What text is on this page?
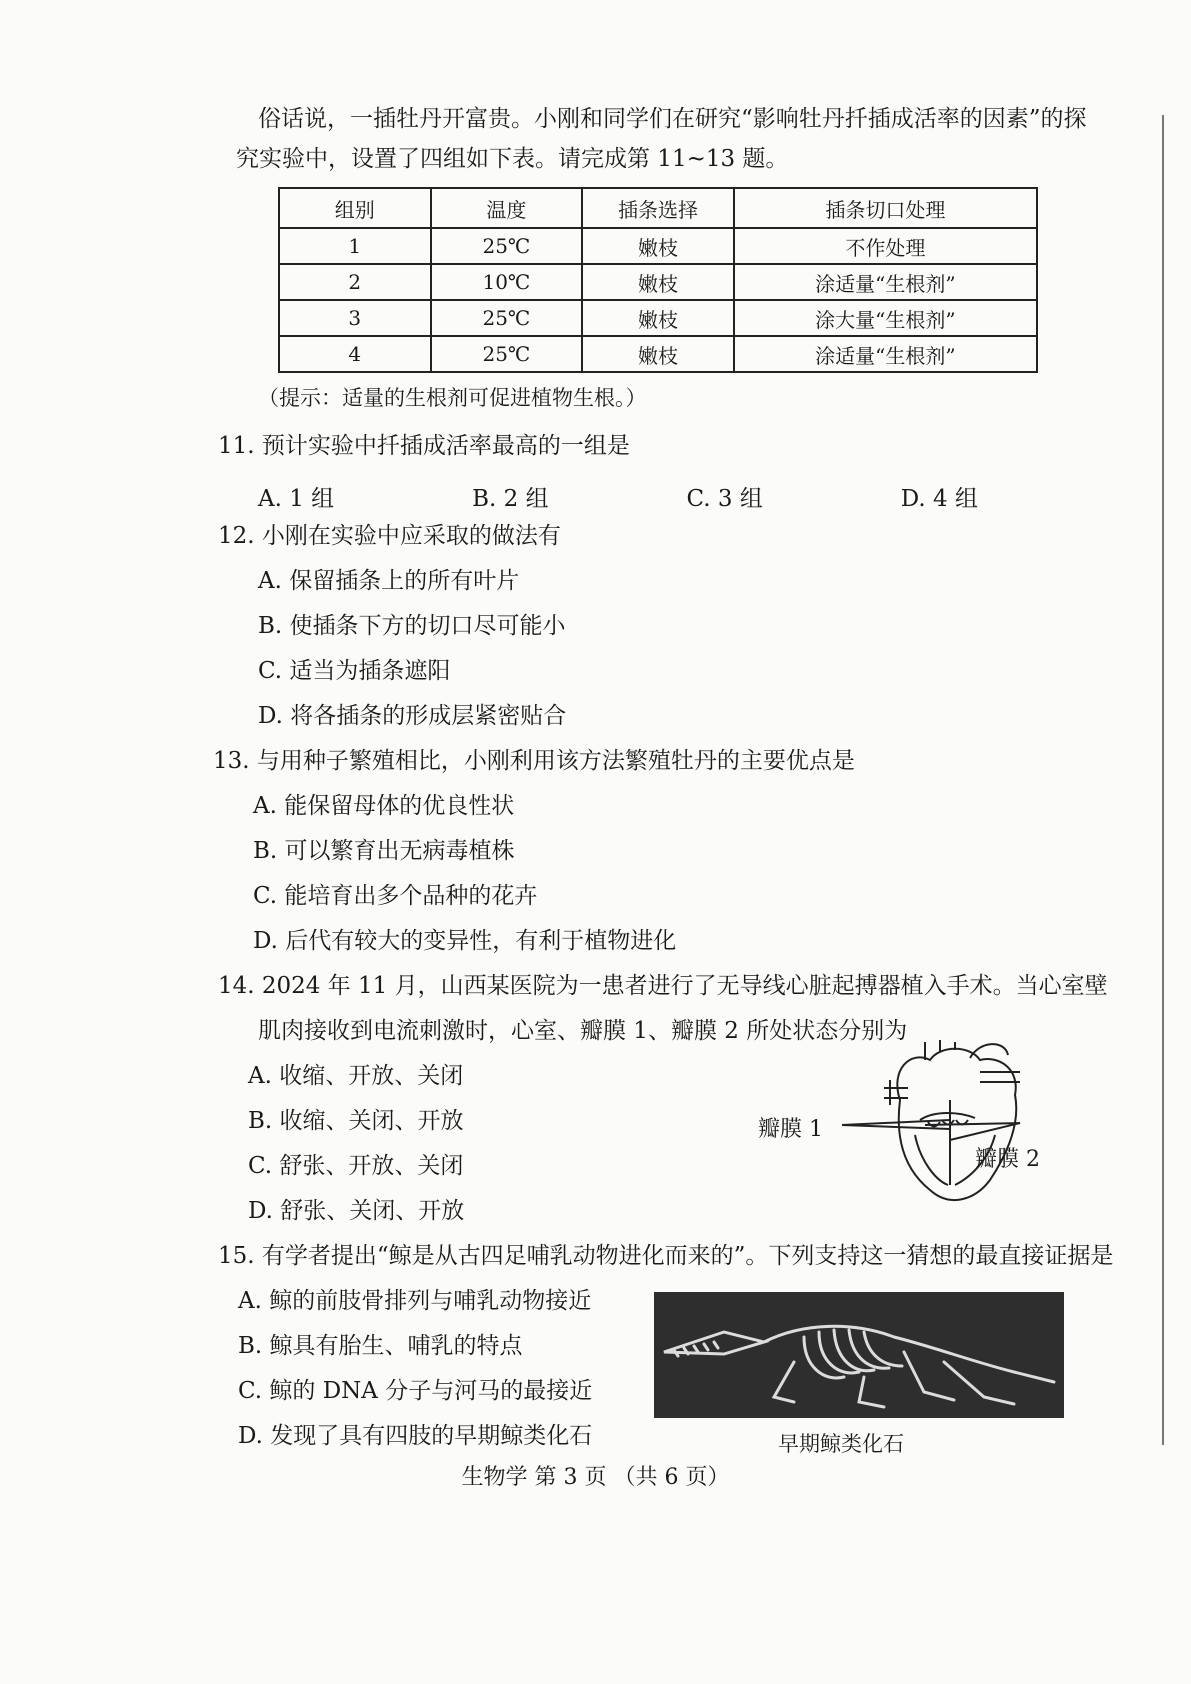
俗话说，一插牡丹开富贵。小刚和同学们在研究“影响牡丹扦插成活率的因素”的探
究实验中，设置了四组如下表。请完成第 11~13 题。
组别	温度	插条选择	插条切口处理
1	25℃	嫩枝	不作处理
2	10℃	嫩枝	涂适量“生根剂”
3	25℃	嫩枝	涂大量“生根剂”
4	25℃	嫩枝	涂适量“生根剂”
（提示：适量的生根剂可促进植物生根。）
11. 预计实验中扦插成活率最高的一组是
A. 1 组	B. 2 组	C. 3 组	D. 4 组
12. 小刚在实验中应采取的做法有
A. 保留插条上的所有叶片
B. 使插条下方的切口尽可能小
C. 适当为插条遮阳
D. 将各插条的形成层紧密贴合
13. 与用种子繁殖相比，小刚利用该方法繁殖牡丹的主要优点是
A. 能保留母体的优良性状
B. 可以繁育出无病毒植株
C. 能培育出多个品种的花卉
D. 后代有较大的变异性，有利于植物进化
14. 2024 年 11 月，山西某医院为一患者进行了无导线心脏起搏器植入手术。当心室壁
肌肉接收到电流刺激时，心室、瓣膜 1、瓣膜 2 所处状态分别为
A. 收缩、开放、关闭
B. 收缩、关闭、开放
C. 舒张、开放、关闭
D. 舒张、关闭、开放
瓣膜 1
瓣膜 2
15. 有学者提出“鲸是从古四足哺乳动物进化而来的”。下列支持这一猜想的最直接证据是
A. 鲸的前肢骨排列与哺乳动物接近
B. 鲸具有胎生、哺乳的特点
C. 鲸的 DNA 分子与河马的最接近
D. 发现了具有四肢的早期鲸类化石	早期鲸类化石
生物学 第 3 页 （共 6 页）
